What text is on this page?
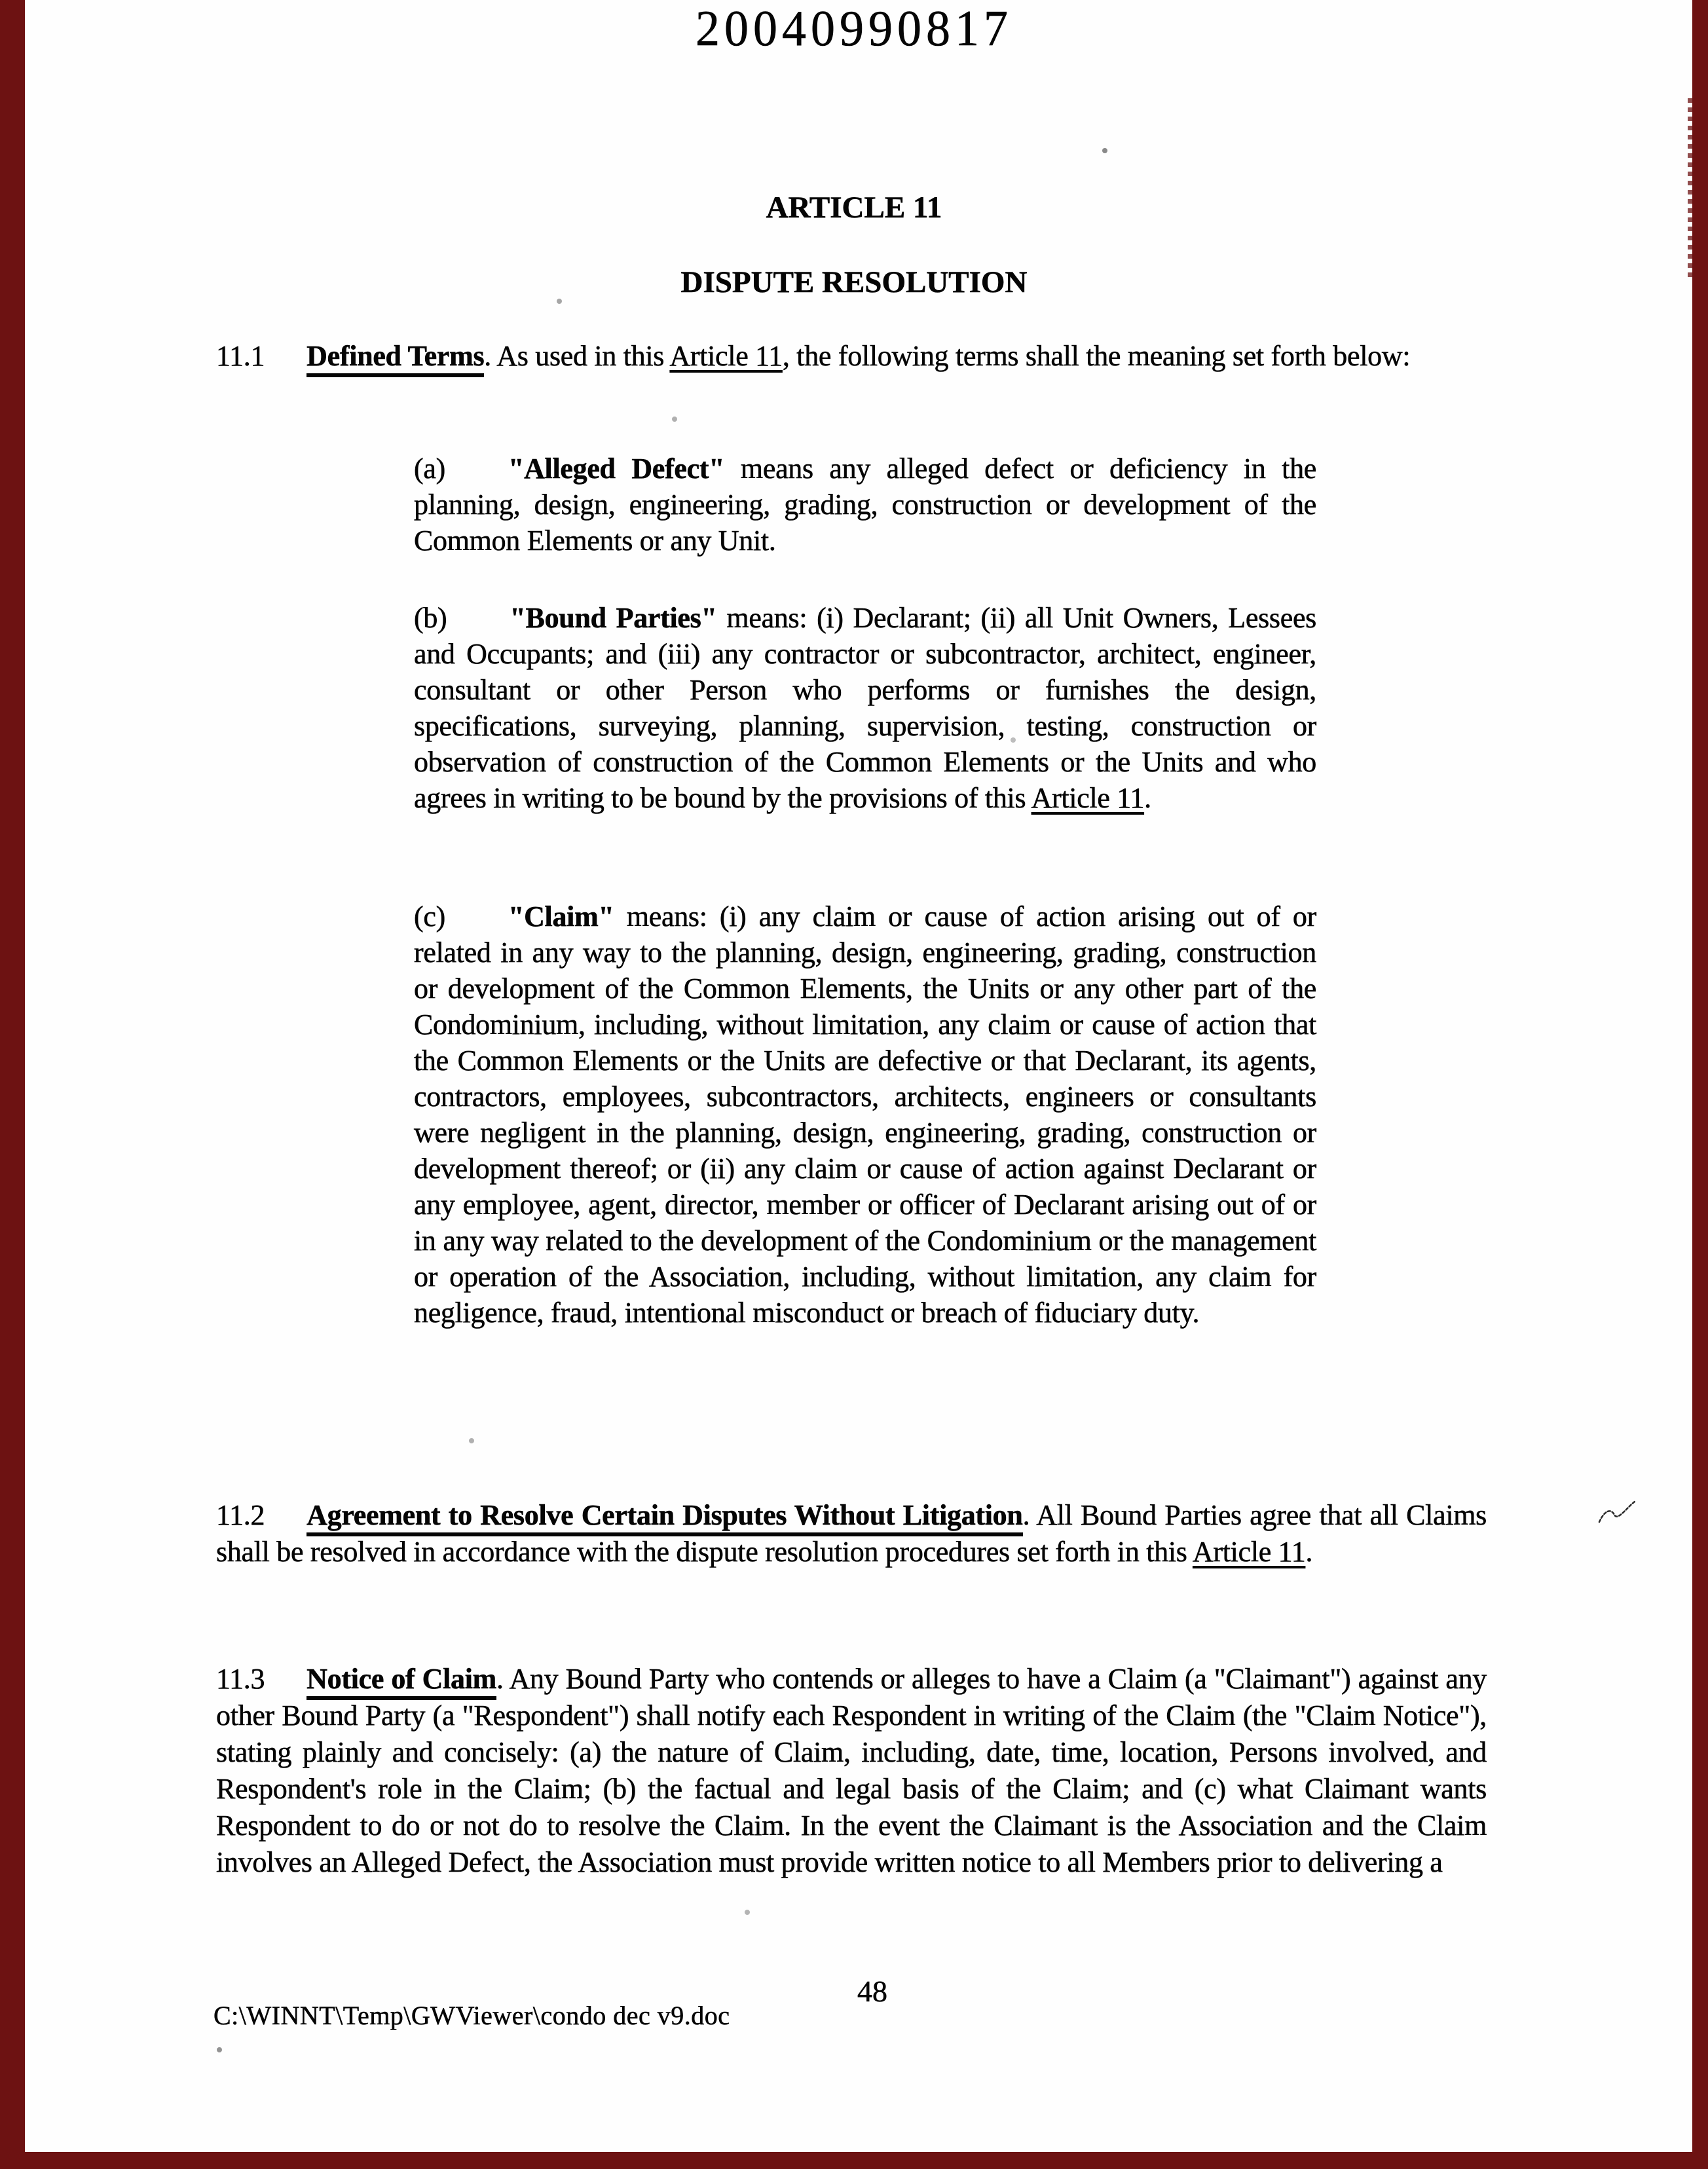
20040990817
ARTICLE 11
DISPUTE RESOLUTION

11.1 Defined Terms. As used in this Article 11, the following terms shall the meaning set forth below:

(a) "Alleged Defect" means any alleged defect or deficiency in the planning, design, engineering, grading, construction or development of the Common Elements or any Unit.

(b) "Bound Parties" means: (i) Declarant; (ii) all Unit Owners, Lessees and Occupants; and (iii) any contractor or subcontractor, architect, engineer, consultant or other Person who performs or furnishes the design, specifications, surveying, planning, supervision, testing, construction or observation of construction of the Common Elements or the Units and who agrees in writing to be bound by the provisions of this Article 11.

(c) "Claim" means: (i) any claim or cause of action arising out of or related in any way to the planning, design, engineering, grading, construction or development of the Common Elements, the Units or any other part of the Condominium, including, without limitation, any claim or cause of action that the Common Elements or the Units are defective or that Declarant, its agents, contractors, employees, subcontractors, architects, engineers or consultants were negligent in the planning, design, engineering, grading, construction or development thereof; or (ii) any claim or cause of action against Declarant or any employee, agent, director, member or officer of Declarant arising out of or in any way related to the development of the Condominium or the management or operation of the Association, including, without limitation, any claim for negligence, fraud, intentional misconduct or breach of fiduciary duty.

11.2 Agreement to Resolve Certain Disputes Without Litigation. All Bound Parties agree that all Claims shall be resolved in accordance with the dispute resolution procedures set forth in this Article 11.

11.3 Notice of Claim. Any Bound Party who contends or alleges to have a Claim (a "Claimant") against any other Bound Party (a "Respondent") shall notify each Respondent in writing of the Claim (the "Claim Notice"), stating plainly and concisely: (a) the nature of Claim, including, date, time, location, Persons involved, and Respondent's role in the Claim; (b) the factual and legal basis of the Claim; and (c) what Claimant wants Respondent to do or not do to resolve the Claim. In the event the Claimant is the Association and the Claim involves an Alleged Defect, the Association must provide written notice to all Members prior to delivering a

48
C:\WINNT\Temp\GWViewer\condo dec v9.doc
